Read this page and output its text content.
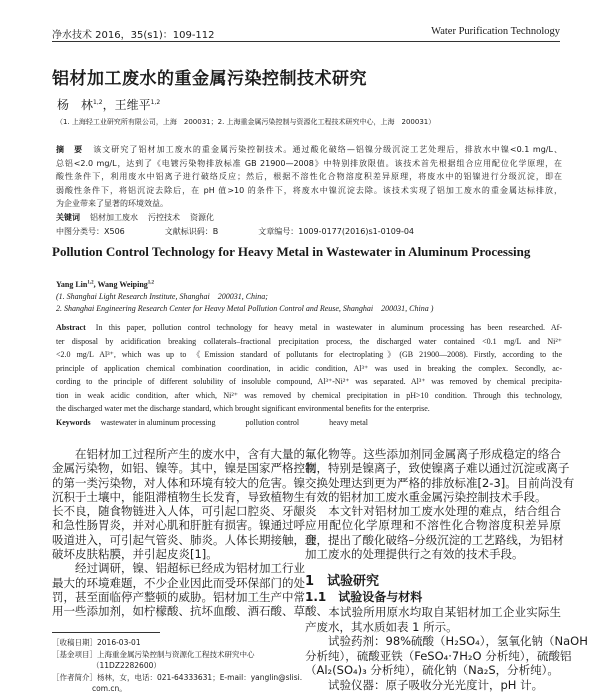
净水技术 2016，35(s1)：109-112	Water Purification Technology
铝材加工废水的重金属污染控制技术研究
杨　林$^{1,2}$，王维平$^{1,2}$
（1. 上海轻工业研究所有限公司，上海　200031；2. 上海重金属污染控制与资源化工程技术研究中心，上海　200031）
摘　要 该文研究了铝材加工废水的重金属污染控制技术。通过酸化破络—铝镍分级沉淀工艺处理后，排放水中镍<0.1 mg/L、
总铝<2.0 mg/L，达到了《电镀污染物排放标准 GB 21900—2008》中特别排放限值。该技术首先根据组合应用配位化学原理，在
酸性条件下，利用废水中铝离子进行破络反应；然后，根据不溶性化合物溶度积差异原理，将废水中的铝镍进行分级沉淀，即在
弱酸性条件下，将铝沉淀去除后，在 pH 值>10 的条件下，将废水中镍沉淀去除。该技术实现了铝加工废水的重金属达标排放，
为企业带来了显著的环境效益。
关键词 铝材加工废水 污控技术 资源化
中图分类号：X506	文献标识码：B	文章编号：1009-0177(2016)s1-0109-04
Pollution Control Technology for Heavy Metal in Wastewater in Aluminum Processing
Yang Lin$^{1,2}$, Wang Weiping$^{1,2}$
(1. Shanghai Light Research Institute, Shanghai　200031, China;
2. Shanghai Engineering Research Center for Heavy Metal Pollution Control and Reuse, Shanghai　200031, China )
Abstract In this paper, pollution control technology for heavy metal in wastewater in aluminum processing has been researched. Af-
ter disposal by acidification breaking collaterals–fractional precipitation process, the discharged water contained <0.1 mg/L and Ni²⁺
<2.0 mg/L Al³⁺, which was up to 《Emission standard of pollutants for electroplating》(GB 21900—2008). Firstly, according to the
principle of application chemical combination coordination, in acidic condition, Al³⁺ was used in breaking the complex. Secondly, ac-
cording to the principle of different solubility of insoluble compound, Al³⁺-Ni²⁺ was separated. Al³⁺ was removed by chemical precipita-
tion in weak acidic condition, after which, Ni²⁺ was removed by chemical precipitation in pH>10 condition. Through this technology,
the discharged water met the discharge standard, which brought significant environmental benefits for the enterprise.
Keywords wastewater in aluminum processing	pollution control	heavy metal
　　在铝材加工过程所产生的废水中，含有大量的
金属污染物，如铝、镍等。其中，镍是国家严格控制
的第一类污染物，对人体和环境有较大的危害。镍
沉积于土壤中，能阻滞植物生长发育，导致植物生
长不良，随食物链进入人体，可引起口腔炎、牙龈炎
和急性肠胃炎，并对心肌和肝脏有损害。镍通过呼
吸道进入，可引起气管炎、肺炎。人体长期接触，会
破坏皮肤粘膜，并引起皮炎[1]。
　　经过调研，镍、铝超标已经成为铝材加工行业
最大的环境难题，不少企业因此而受环保部门的处
罚，甚至面临停产整顿的威胁。铝材加工生产中常
用一些添加剂，如柠檬酸、抗坏血酸、酒石酸、草酸、
氟化物等。这些添加剂同金属离子形成稳定的络合
物，特别是镍离子，致使镍离子难以通过沉淀或离子
交换处理达到更为严格的排放标准[2-3]。目前尚没有
有效的铝材加工废水重金属污染控制技术手段。
　　本文针对铝材加工废水处理的难点，结合组合
应用配位化学原理和不溶性化合物溶度积差异原
理，提出了酸化破络–分级沉淀的工艺路线，为铝材
加工废水的处理提供行之有效的技术手段。
1　试验研究
1.1　试验设备与材料
　　本试验所用原水均取自某铝材加工企业实际生
产废水，其水质如表 1 所示。
　　试验药剂：98%硫酸（H₂SO₄），氢氧化钠（NaOH
分析纯），硫酸亚铁（FeSO₄·7H₂O 分析纯），硫酸铝
（Al₂(SO₄)₃ 分析纯），硫化钠（Na₂S，分析纯）。
　　试验仪器：原子吸收分光光度计，pH 计。
［收稿日期］2016-03-01
［基金项目］上海重金属污染控制与资源化工程技术研究中心
（11DZ2282600）
［作者简介］杨林，女，电话：021-64333631；E-mail：yanglin@slisi.
com.cn。
